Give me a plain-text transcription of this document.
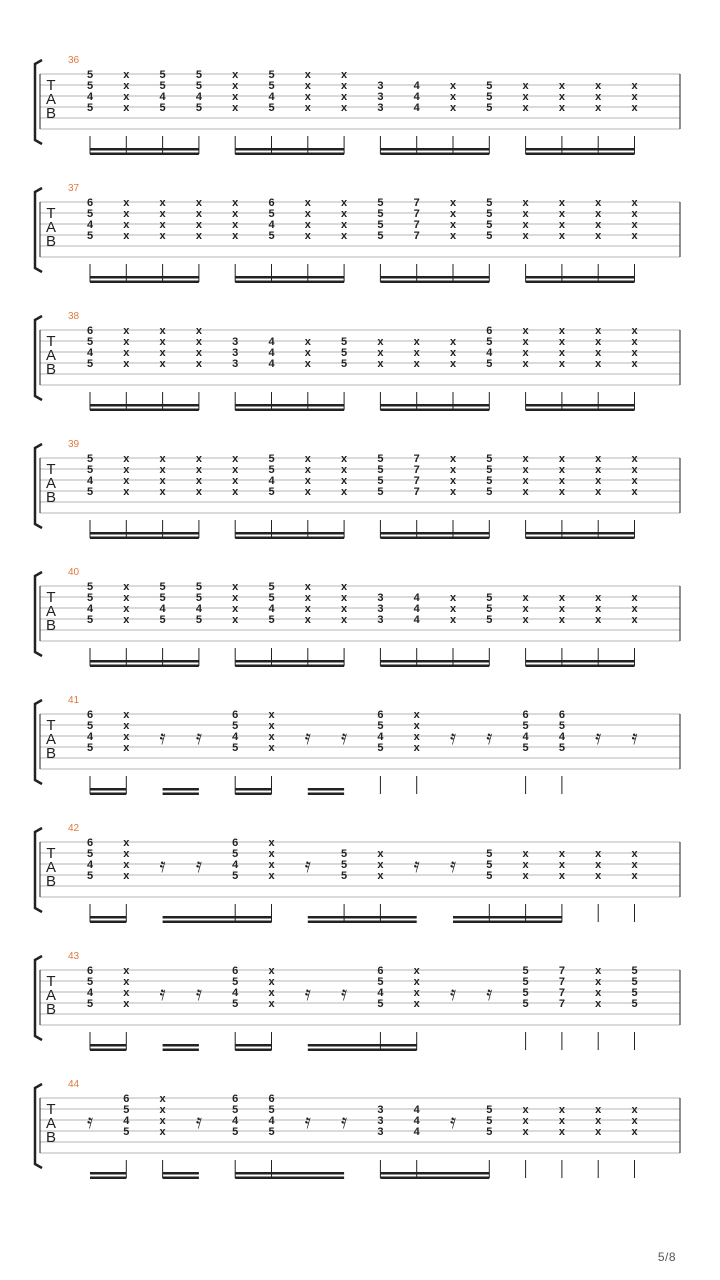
36
T
A
B
5
5
4
5
x
x
x
x
5
5
4
5
5
5
4
5
x
x
x
x
5
5
4
5
x
x
x
x
x
x
x
x
3
3
3
4
4
4
x
x
x
5
5
5
x
x
x
x
x
x
x
x
x
x
x
x
37
T
A
B
6
5
4
5
x
x
x
x
x
x
x
x
x
x
x
x
x
x
x
x
6
5
4
5
x
x
x
x
x
x
x
x
5
5
5
5
7
7
7
7
x
x
x
x
5
5
5
5
x
x
x
x
x
x
x
x
x
x
x
x
x
x
x
x
38
T
A
B
6
5
4
5
x
x
x
x
x
x
x
x
x
x
x
x
3
3
3
4
4
4
x
x
x
5
5
5
x
x
x
x
x
x
x
x
x
6
5
4
5
x
x
x
x
x
x
x
x
x
x
x
x
x
x
x
x
39
T
A
B
5
5
4
5
x
x
x
x
x
x
x
x
x
x
x
x
x
x
x
x
5
5
4
5
x
x
x
x
x
x
x
x
5
5
5
5
7
7
7
7
x
x
x
x
5
5
5
5
x
x
x
x
x
x
x
x
x
x
x
x
x
x
x
x
40
T
A
B
5
5
4
5
x
x
x
x
5
5
4
5
5
5
4
5
x
x
x
x
5
5
4
5
x
x
x
x
x
x
x
x
3
3
3
4
4
4
x
x
x
5
5
5
x
x
x
x
x
x
x
x
x
x
x
x
41
T
A
B
6
5
4
5
x
x
x
x 𝄿 𝄿
6
5
4
5
x
x
x
x 𝄿 𝄿
6
5
4
5
x
x
x
x 𝄿 𝄿
6
5
4
5
6
5
4
5 𝄿 𝄿
42
T
A
B
6
5
4
5
x
x
x
x 𝄿 𝄿
6
5
4
5
x
x
x
x 𝄿
5
5
5
x
x
x 𝄿 𝄿
5
5
5
x
x
x
x
x
x
x
x
x
x
x
x
43
T
A
B
6
5
4
5
x
x
x
x 𝄿 𝄿
6
5
4
5
x
x
x
x 𝄿 𝄿
6
5
4
5
x
x
x
x 𝄿 𝄿
5
5
5
5
7
7
7
7
x
x
x
x
5
5
5
5
44
T
A
B
𝄿
6
5
4
5
x
x
x
x 𝄿
6
5
4
5
6
5
4
5 𝄿 𝄿
3
3
3
4
4
4 𝄿
5
5
5
x
x
x
x
x
x
x
x
x
x
x
x
5/8
